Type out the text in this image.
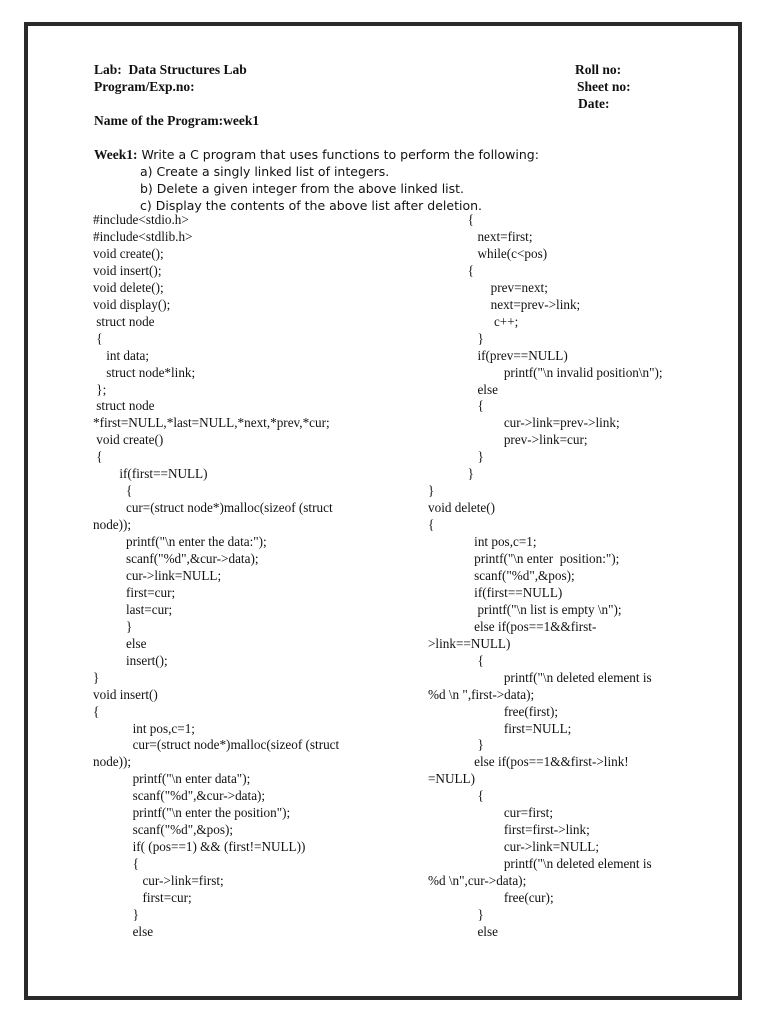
Lab:  Data Structures Lab
Program/Exp.no:
Roll no:
Sheet no:
Date:
Name of the Program:week1
Week1: Write a C program that uses functions to perform the following:
a) Create a singly linked list of integers.
b) Delete a given integer from the above linked list.
c) Display the contents of the above list after deletion.
#include<stdio.h>
#include<stdlib.h>
void create();
void insert();
void delete();
void display();
struct node
{
int data;
struct node*link;
};
struct node
*first=NULL,*last=NULL,*next,*prev,*cur;
void create()
{
if(first==NULL)
{
cur=(struct node*)malloc(sizeof (struct
node));
printf("\n enter the data:");
scanf("%d",&cur->data);
cur->link=NULL;
first=cur;
last=cur;
}
else
insert();
}
void insert()
{
int pos,c=1;
cur=(struct node*)malloc(sizeof (struct
node));
printf("\n enter data");
scanf("%d",&cur->data);
printf("\n enter the position");
scanf("%d",&pos);
if( (pos==1) && (first!=NULL))
{
cur->link=first;
first=cur;
}
else
{
next=first;
while(c<pos)
{
prev=next;
next=prev->link;
c++;
}
if(prev==NULL)
printf("\n invalid position\n");
else
{
cur->link=prev->link;
prev->link=cur;
}
}
}
void delete()
{
int pos,c=1;
printf("\n enter  position:");
scanf("%d",&pos);
if(first==NULL)
printf("\n list is empty \n");
else if(pos==1&&first-
>link==NULL)
{
printf("\n deleted element is
%d \n ",first->data);
free(first);
first=NULL;
}
else if(pos==1&&first->link!
=NULL)
{
cur=first;
first=first->link;
cur->link=NULL;
printf("\n deleted element is
%d \n",cur->data);
free(cur);
}
else
